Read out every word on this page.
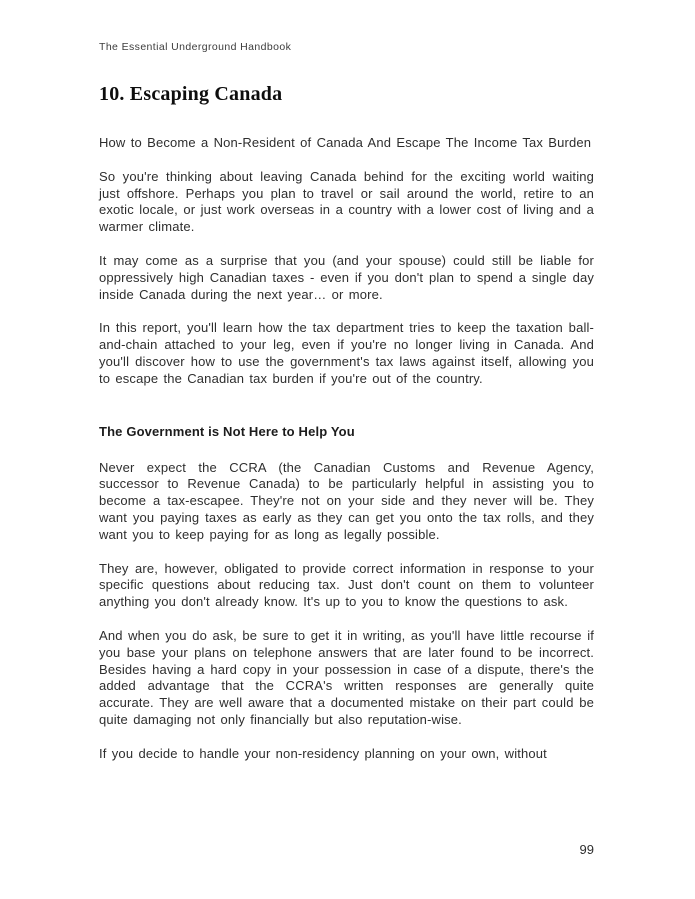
The Essential Underground Handbook
10. Escaping Canada

How to Become a Non-Resident of Canada And Escape The Income Tax Burden

So you're thinking about leaving Canada behind for the exciting world waiting just offshore. Perhaps you plan to travel or sail around the world, retire to an exotic locale, or just work overseas in a country with a lower cost of living and a warmer climate.

It may come as a surprise that you (and your spouse) could still be liable for oppressively high Canadian taxes - even if you don't plan to spend a single day inside Canada during the next year… or more.

In this report, you'll learn how the tax department tries to keep the taxation ball-and-chain attached to your leg, even if you're no longer living in Canada. And you'll discover how to use the government's tax laws against itself, allowing you to escape the Canadian tax burden if you're out of the country.

The Government is Not Here to Help You

Never expect the CCRA (the Canadian Customs and Revenue Agency, successor to Revenue Canada) to be particularly helpful in assisting you to become a tax-escapee. They're not on your side and they never will be. They want you paying taxes as early as they can get you onto the tax rolls, and they want you to keep paying for as long as legally possible.

They are, however, obligated to provide correct information in response to your specific questions about reducing tax. Just don't count on them to volunteer anything you don't already know. It's up to you to know the questions to ask.

And when you do ask, be sure to get it in writing, as you'll have little recourse if you base your plans on telephone answers that are later found to be incorrect. Besides having a hard copy in your possession in case of a dispute, there's the added advantage that the CCRA's written responses are generally quite accurate. They are well aware that a documented mistake on their part could be quite damaging not only financially but also reputation-wise.

If you decide to handle your non-residency planning on your own, without

99
